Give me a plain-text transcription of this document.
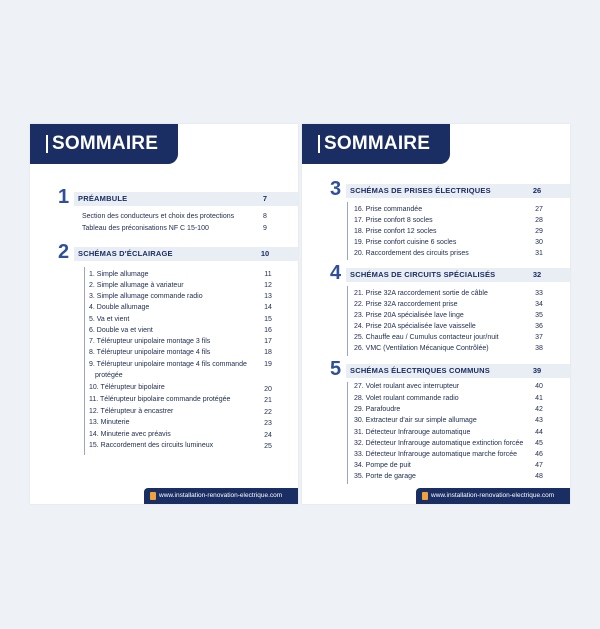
SOMMAIRE
1 PRÉAMBULE	7
Section des conducteurs et choix des protections	8
Tableau des préconisations NF C 15-100	9
2 SCHÉMAS D'ÉCLAIRAGE	10
1. Simple allumage	11
2. Simple allumage à variateur	12
3. Simple allumage commande radio	13
4. Double allumage	14
5. Va et vient	15
6. Double va et vient	16
7. Télérupteur unipolaire montage 3 fils	17
8. Télérupteur unipolaire montage 4 fils	18
9. Télérupteur unipolaire montage 4 fils commande	19
protégée
10. Télérupteur bipolaire	20
11. Télérupteur bipolaire commande protégée	21
12. Télérupteur à encastrer	22
13. Minuterie	23
14. Minuterie avec préavis	24
15. Raccordement des circuits lumineux	25
www.installation-renovation-electrique.com
SOMMAIRE
3 SCHÉMAS DE PRISES ÉLECTRIQUES	26
16. Prise commandée	27
17. Prise confort 8 socles	28
18. Prise confort 12 socles	29
19. Prise confort cuisine 6 socles	30
20. Raccordement des circuits prises	31
4 SCHÉMAS DE CIRCUITS SPÉCIALISÉS	32
21. Prise 32A raccordement sortie de câble	33
22. Prise 32A raccordement prise	34
23. Prise 20A spécialisée lave linge	35
24. Prise 20A spécialisée lave vaisselle	36
25. Chauffe eau / Cumulus contacteur jour/nuit	37
26. VMC (Ventilation Mécanique Contrôlée)	38
5 SCHÉMAS ÉLECTRIQUES COMMUNS	39
27. Volet roulant avec interrupteur	40
28. Volet roulant commande radio	41
29. Parafoudre	42
30. Extracteur d'air sur simple allumage	43
31. Détecteur Infrarouge automatique	44
32. Détecteur Infrarouge automatique extinction forcée	45
33. Détecteur Infrarouge automatique marche forcée	46
34. Pompe de puit	47
35. Porte de garage	48
www.installation-renovation-electrique.com
